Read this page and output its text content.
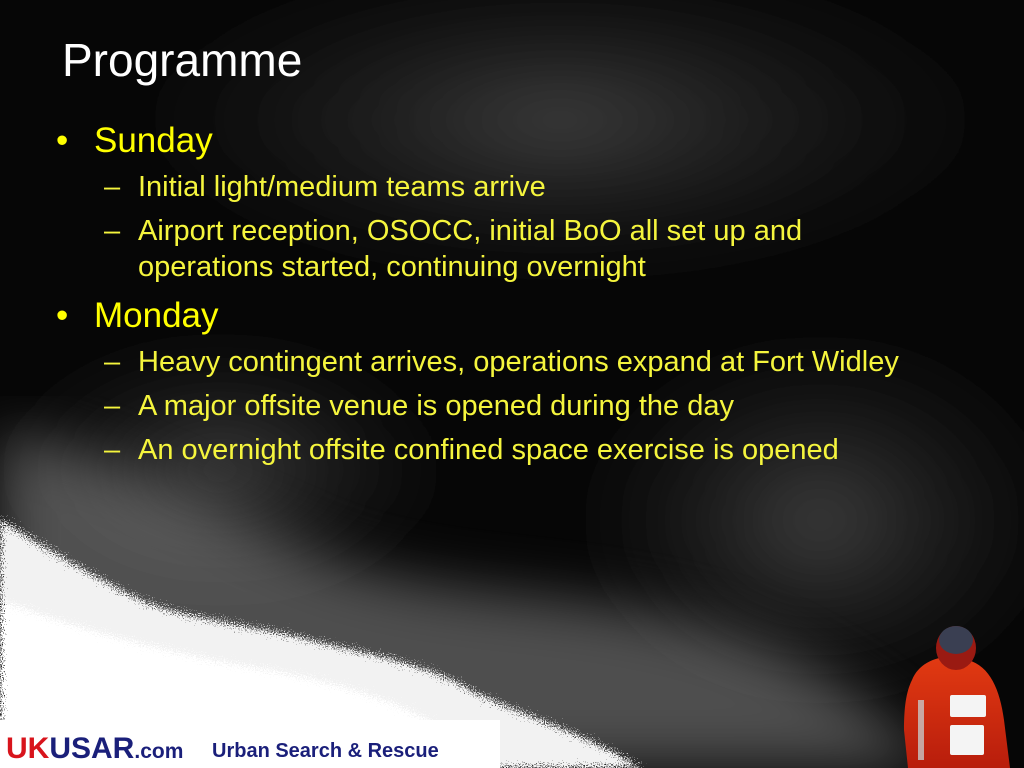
Programme
• Sunday
– Initial light/medium teams arrive
– Airport reception, OSOCC, initial BoO all set up and operations started, continuing overnight
• Monday
– Heavy contingent arrives, operations expand at Fort Widley
– A major offsite venue is opened during the day
– An overnight offsite confined space exercise is opened
UKUSAR.com Urban Search & Rescue
